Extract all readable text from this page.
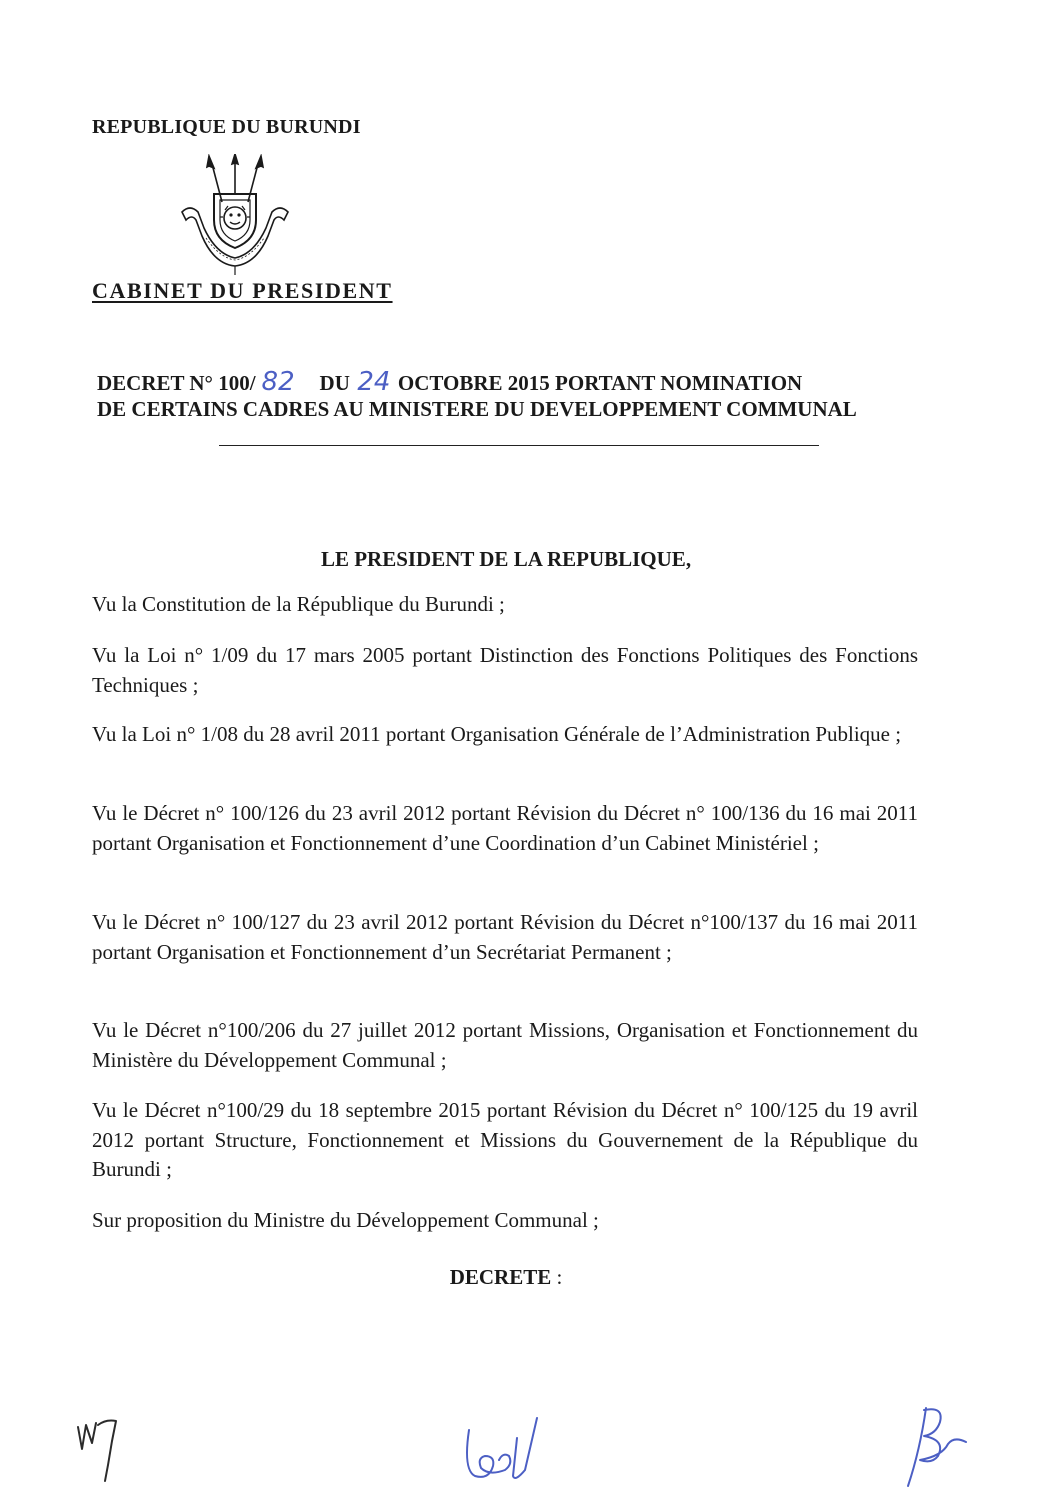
REPUBLIQUE DU BURUNDI
CABINET DU PRESIDENT
DECRET N° 100/ 82 DU 24 OCTOBRE 2015 PORTANT NOMINATION
DE CERTAINS CADRES AU MINISTERE DU DEVELOPPEMENT COMMUNAL
LE PRESIDENT DE LA REPUBLIQUE,
Vu la Constitution de la République du Burundi ;
Vu la Loi n° 1/09 du 17 mars 2005 portant Distinction des Fonctions Politiques des Fonctions Techniques ;
Vu la Loi n° 1/08 du 28 avril 2011 portant Organisation Générale de l’Administration Publique ;
Vu le Décret n° 100/126 du 23 avril 2012 portant Révision du Décret n° 100/136 du 16 mai 2011 portant Organisation et Fonctionnement d’une Coordination d’un Cabinet Ministériel ;
Vu le Décret n° 100/127 du 23 avril 2012 portant Révision du Décret n°100/137 du 16 mai 2011 portant Organisation et Fonctionnement d’un Secrétariat Permanent ;
Vu le Décret n°100/206 du 27 juillet 2012 portant Missions, Organisation et Fonctionnement du Ministère du Développement Communal ;
Vu le Décret n°100/29 du 18 septembre 2015 portant Révision du Décret n° 100/125 du 19 avril 2012 portant Structure, Fonctionnement et Missions du Gouvernement de la République du Burundi ;
Sur proposition du Ministre du Développement Communal ;
DECRETE :
